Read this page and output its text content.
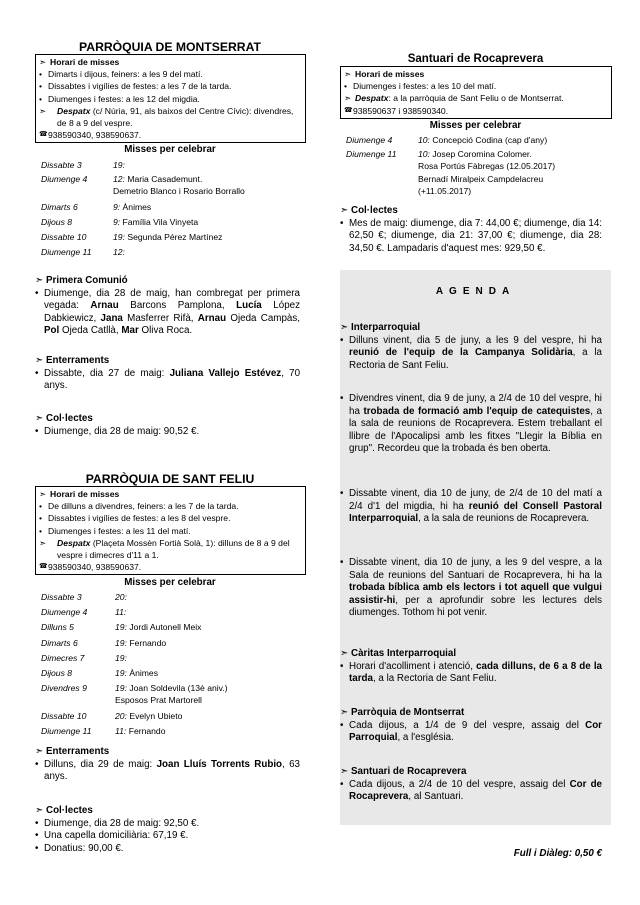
PARRÒQUIA DE MONTSERRAT
➣ Horari de misses
• Dimarts i dijous, feiners: a les 9 del matí.
• Dissabtes i vigílies de festes: a les 7 de la tarda.
• Diumenges i festes: a les 12 del migdia.
➣ Despatx (c/ Núria, 91, als baixos del Centre Cívic): divendres, de 8 a 9 del vespre.
☎ 938590340, 938590637.
Misses per celebrar
Dissabte 3	19:
Diumenge 4	12: Maria Casademunt.
Demetrio Blanco i Rosario Borrallo
Dimarts 6	9: Ànimes
Dijous 8	9: Família Vila Vinyeta
Dissabte 10	19: Segunda Pérez Martínez
Diumenge 11	12:
➣ Primera Comunió
• Diumenge, dia 28 de maig, han combregat per primera vegada: Arnau Barcons Pamplona, Lucía López Dabkiewicz, Jana Masferrer Rifà, Arnau Ojeda Campàs, Pol Ojeda Catllà, Mar Oliva Roca.
➣ Enterraments
• Dissabte, dia 27 de maig: Juliana Vallejo Estévez, 70 anys.
➣ Col·lectes
• Diumenge, dia 28 de maig: 90,52 €.
PARRÒQUIA DE SANT FELIU
➣ Horari de misses
• De dilluns a divendres, feiners: a les 7 de la tarda.
• Dissabtes i vigílies de festes: a les 8 del vespre.
• Diumenges i festes: a les 11 del matí.
➣ Despatx (Plaçeta Mossèn Fortià Solà, 1): dilluns de 8 a 9 del vespre i dimecres d'11 a 1.
☎ 938590340, 938590637.
Misses per celebrar
Dissabte 3	20:
Diumenge 4	11:
Dilluns 5	19: Jordi Autonell Meix
Dimarts 6	19: Fernando
Dimecres 7	19:
Dijous 8	19: Ànimes
Divendres 9	19: Joan Soldevila (13è aniv.)
Esposos Prat Martorell
Dissabte 10	20: Evelyn Ubieto
Diumenge 11	11: Fernando
➣ Enterraments
• Dilluns, dia 29 de maig: Joan Lluís Torrents Rubio, 63 anys.
➣ Col·lectes
• Diumenge, dia 28 de maig: 92,50 €.
• Una capella domiciliària: 67,19 €.
• Donatius: 90,00 €.
Santuari de Rocaprevera
➣ Horari de misses
• Diumenges i festes: a les 10 del matí.
➣ Despatx: a la parròquia de Sant Feliu o de Montserrat.
☎ 938590637 i 938590340.
Misses per celebrar
Diumenge 4	10: Concepció Codina (cap d'any)
Diumenge 11	10: Josep Coromina Colomer.
Rosa Portús Fàbregas (12.05.2017)
Bernadí Miralpeix Campdelacreu
(+11.05.2017)
➣ Col·lectes
• Mes de maig: diumenge, dia 7: 44,00 €; diumenge, dia 14: 62,50 €; diumenge, dia 21: 37,00 €; diumenge, dia 28: 34,50 €. Lampadaris d'aquest mes: 929,50 €.
AGENDA
➣ Interparroquial
• Dilluns vinent, dia 5 de juny, a les 9 del vespre, hi ha reunió de l'equip de la Campanya Solidària, a la Rectoria de Sant Feliu.
• Divendres vinent, dia 9 de juny, a 2/4 de 10 del vespre, hi ha trobada de formació amb l'equip de catequistes, a la sala de reunions de Rocaprevera. Estem treballant el llibre de l'Apocalipsi amb les fitxes "Llegir la Bíblia en grup". Recordeu que la trobada és ben oberta.
• Dissabte vinent, dia 10 de juny, de 2/4 de 10 del matí a 2/4 d'1 del migdia, hi ha reunió del Consell Pastoral Interparroquial, a la sala de reunions de Rocaprevera.
• Dissabte vinent, dia 10 de juny, a les 9 del vespre, a la Sala de reunions del Santuari de Rocaprevera, hi ha la trobada bíblica amb els lectors i tot aquell que vulgui assistir-hi, per a aprofundir sobre les lectures dels diumenges. Tothom hi pot venir.
➣ Càritas Interparroquial
• Horari d'acolliment i atenció, cada dilluns, de 6 a 8 de la tarda, a la Rectoria de Sant Feliu.
➣ Parròquia de Montserrat
• Cada dijous, a 1/4 de 9 del vespre, assaig del Cor Parroquial, a l'església.
➣ Santuari de Rocaprevera
• Cada dijous, a 2/4 de 10 del vespre, assaig del Cor de Rocaprevera, al Santuari.
Full i Diàleg: 0,50 €
